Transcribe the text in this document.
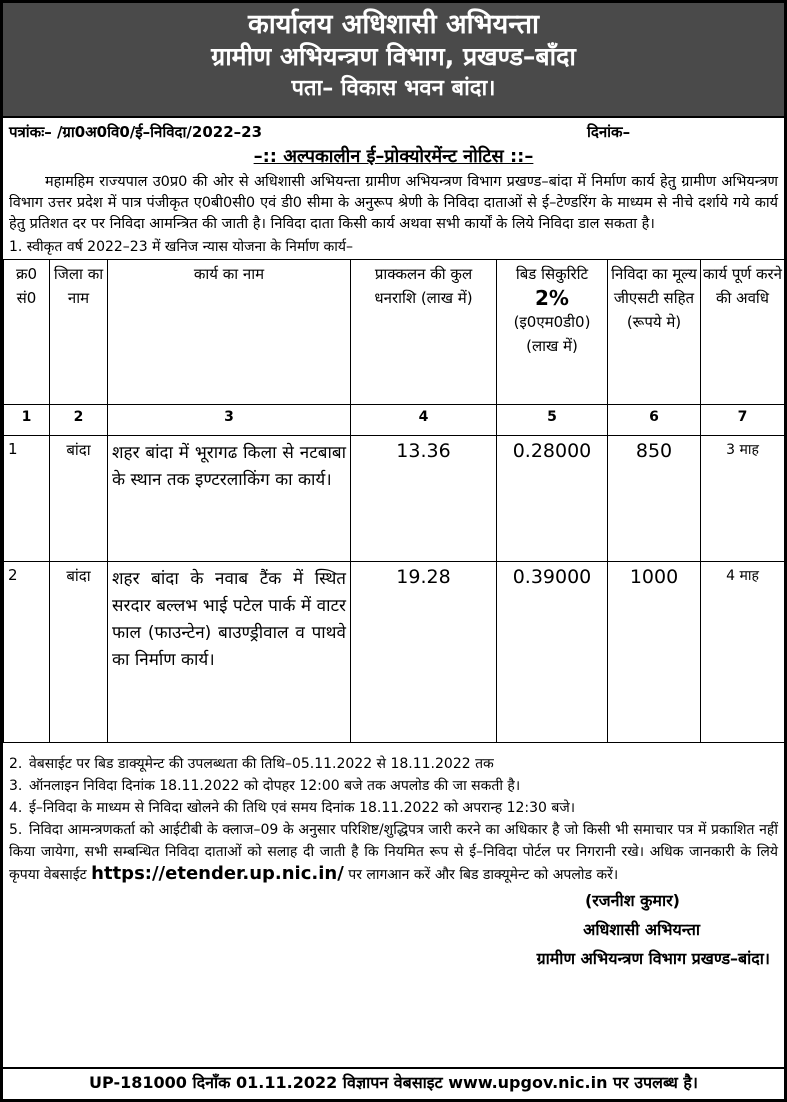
कार्यालय अधिशासी अभियन्ता
ग्रामीण अभियन्त्रण विभाग, प्रखण्ड–बाँदा
पता– विकास भवन बांदा।
पत्रांकः– /ग्रा0अ0वि0/ई–निविदा/2022–23	दिनांक–
–:: अल्पकालीन ई–प्रोक्योरमेंन्ट नोटिस ::–

महामहिम राज्यपाल उ0प्र0 की ओर से अधिशासी अभियन्ता ग्रामीण अभियन्त्रण विभाग प्रखण्ड–बांदा में निर्माण कार्य हेतु ग्रामीण अभियन्त्रण विभाग उत्तर प्रदेश में पात्र पंजीकृत ए0बी0सी0 एवं डी0 सीमा के अनुरूप श्रेणी के निविदा दाताओं से ई–टेण्डरिंग के माध्यम से नीचे दर्शाये गये कार्य हेतु प्रतिशत दर पर निविदा आमन्त्रित की जाती है। निविदा दाता किसी कार्य अथवा सभी कार्यों के लिये निविदा डाल सकता है।

1. स्वीकृत वर्ष 2022–23 में खनिज न्यास योजना के निर्माण कार्य–
क्र0 सं0	जिला का नाम	कार्य का नाम	प्राक्कलन की कुल धनराशि (लाख में)	बिड सिकुरिटि
2%
(इ0एम0डी0) (लाख में)	निविदा का मूल्य जीएसटी सहित (रूपये मे)	कार्य पूर्ण करने की अवधि
1	2	3	4	5	6	7
1	बांदा	शहर बांदा में भूरागढ किला से नटबाबा के स्थान तक इण्टरलाकिंग का कार्य।	13.36	0.28000	850	3 माह
2	बांदा	शहर बांदा के नवाब टैंक में स्थित सरदार बल्लभ भाई पटेल पार्क में वाटर फाल (फाउन्टेन) बाउण्ड्रीवाल व पाथवे का निर्माण कार्य।	19.28	0.39000	1000	4 माह

2. वेबसाईट पर बिड डाक्यूमेन्ट की उपलब्धता की तिथि–05.11.2022 से 18.11.2022 तक

3. ऑनलाइन निविदा दिनांक 18.11.2022 को दोपहर 12:00 बजे तक अपलोड की जा सकती है।

4. ई–निविदा के माध्यम से निविदा खोलने की तिथि एवं समय दिनांक 18.11.2022 को अपरान्ह 12:30 बजे।

5. निविदा आमन्त्रणकर्ता को आईटीबी के क्लाज–09 के अनुसार परिशिष्ट/शुद्धिपत्र जारी करने का अधिकार है जो किसी भी समाचार पत्र में प्रकाशित नहीं किया जायेगा, सभी सम्बन्धित निविदा दाताओं को सलाह दी जाती है कि नियमित रूप से ई–निविदा पोर्टल पर निगरानी रखे। अधिक जानकारी के लिये कृपया वेबसाईट https://etender.up.nic.in/ पर लागआन करें और बिड डाक्यूमेन्ट को अपलोड करें।

(रजनीश कुमार)
अधिशासी अभियन्ता
ग्रामीण अभियन्त्रण विभाग प्रखण्ड–बांदा।
UP-181000 दिनाँक 01.11.2022 विज्ञापन वेबसाइट www.upgov.nic.in पर उपलब्ध है।
